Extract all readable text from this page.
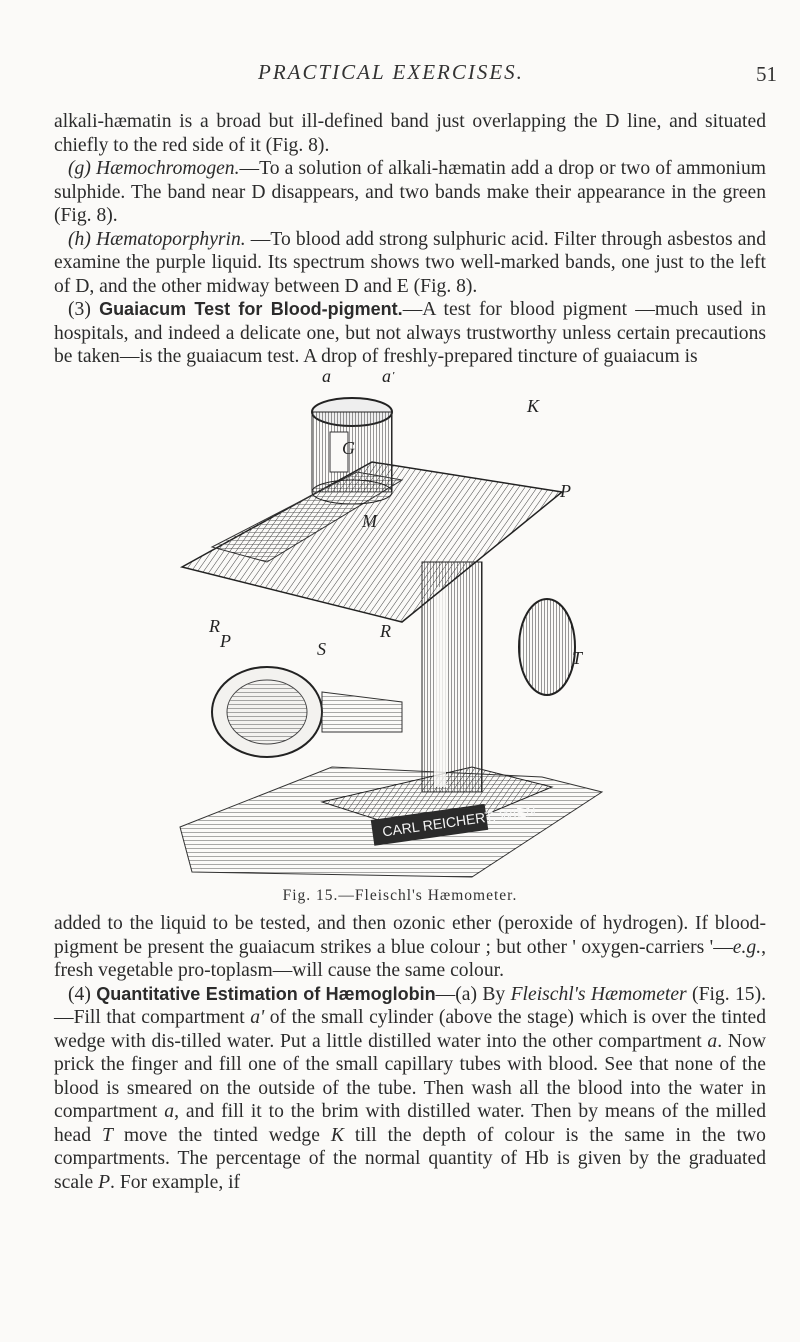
PRACTICAL EXERCISES.	51

alkali-hæmatin is a broad but ill-defined band just overlapping the D line, and situated chiefly to the red side of it (Fig. 8).

(g) Hæmochromogen.—To a solution of alkali-hæmatin add a drop or two of ammonium sulphide. The band near D disappears, and two bands make their appearance in the green (Fig. 8).

(h) Hæmatoporphyrin. —To blood add strong sulphuric acid. Filter through asbestos and examine the purple liquid. Its spectrum shows two well-marked bands, one just to the left of D, and the other midway between D and E (Fig. 8).

(3) Guaiacum Test for Blood-pigment.—A test for blood pigment —much used in hospitals, and indeed a delicate one, but not always trustworthy unless certain precautions be taken—is the guaiacum test. A drop of freshly-prepared tincture of guaiacum is

CARL REICHERT, WIEN
a	a'
K
P
G
M
R
P	R
S	T
Fig. 15.—Fleischl's Hæmometer.

added to the liquid to be tested, and then ozonic ether (peroxide of hydrogen). If blood-pigment be present the guaiacum strikes a blue colour ; but other ' oxygen-carriers '—e.g., fresh vegetable pro-toplasm—will cause the same colour.

(4) Quantitative Estimation of Hæmoglobin—(a) By Fleischl's Hæmometer (Fig. 15).—Fill that compartment a' of the small cylinder (above the stage) which is over the tinted wedge with dis-tilled water. Put a little distilled water into the other compartment a. Now prick the finger and fill one of the small capillary tubes with blood. See that none of the blood is smeared on the outside of the tube. Then wash all the blood into the water in compartment a, and fill it to the brim with distilled water. Then by means of the milled head T move the tinted wedge K till the depth of colour is the same in the two compartments. The percentage of the normal quantity of Hb is given by the graduated scale P. For example, if
